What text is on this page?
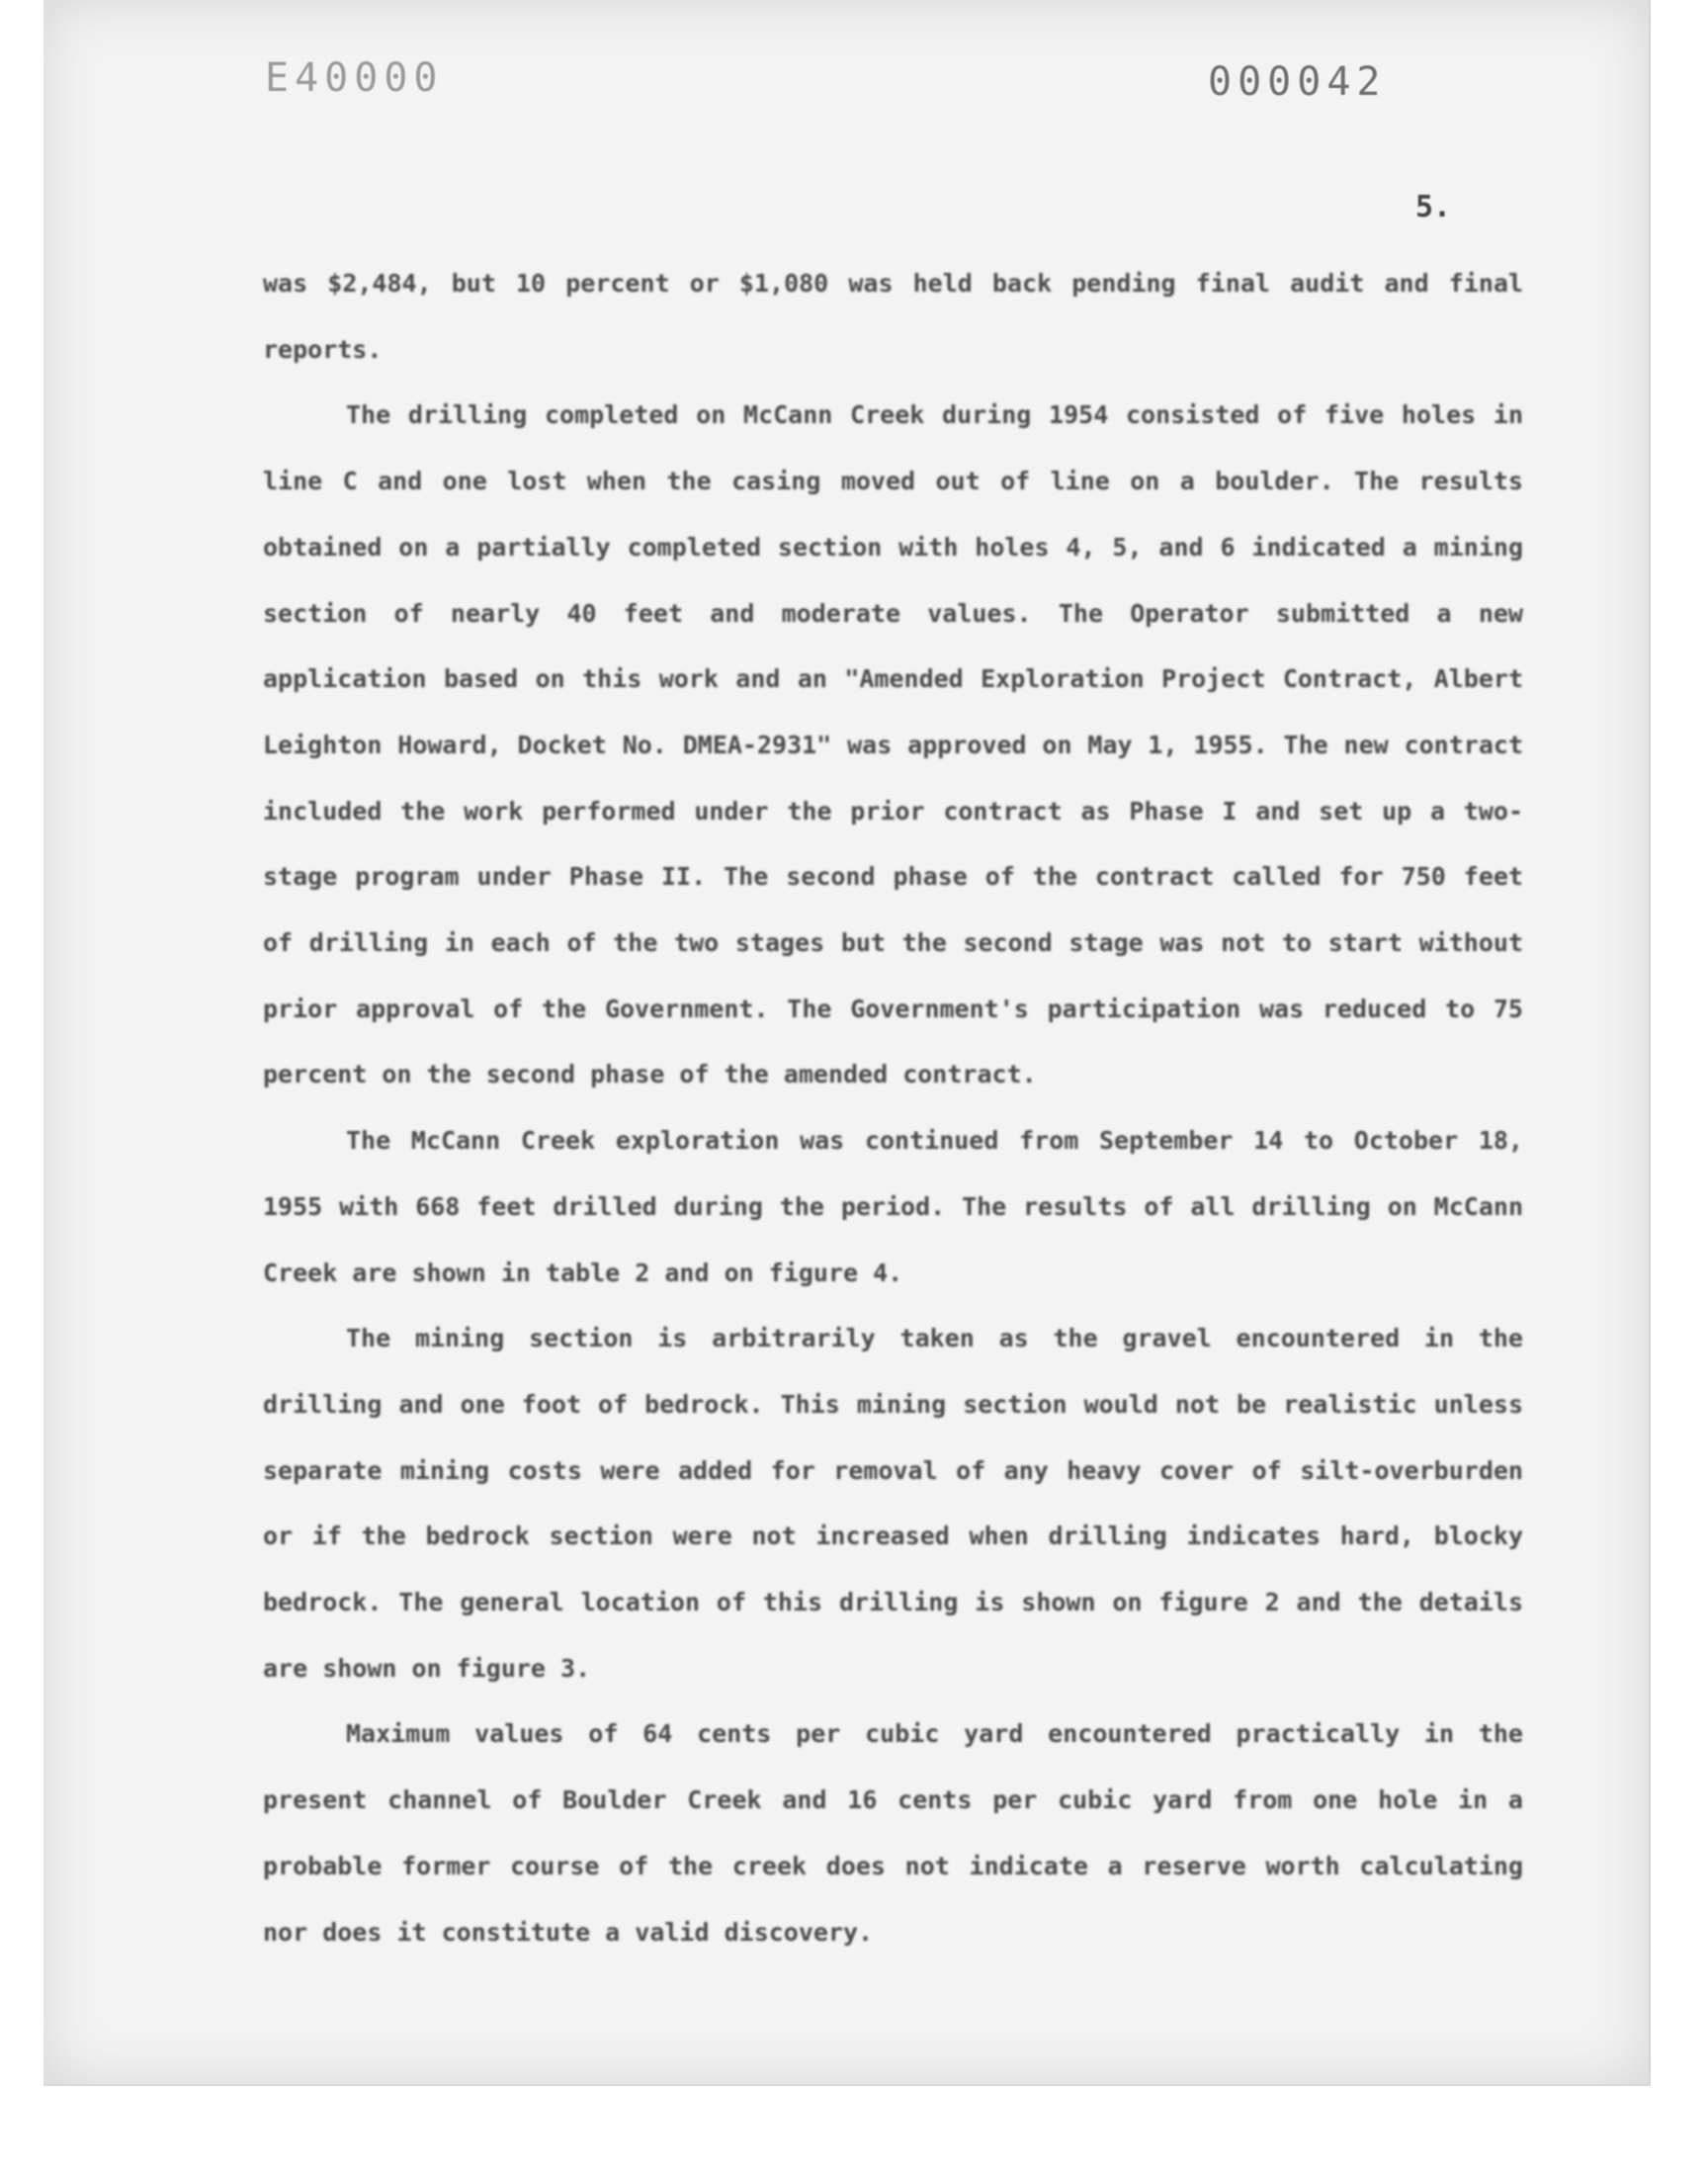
E40000	000042
5.

was $2,484, but 10 percent or $1,080 was held back pending final audit and final reports.

The drilling completed on McCann Creek during 1954 consisted of five holes in line C and one lost when the casing moved out of line on a boulder. The results obtained on a partially completed section with holes 4, 5, and 6 indicated a mining section of nearly 40 feet and moderate values. The Operator submitted a new application based on this work and an "Amended Exploration Project Contract, Albert Leighton Howard, Docket No. DMEA-2931" was approved on May 1, 1955. The new contract included the work performed under the prior contract as Phase I and set up a two-stage program under Phase II. The second phase of the contract called for 750 feet of drilling in each of the two stages but the second stage was not to start without prior approval of the Government. The Government's participation was reduced to 75 percent on the second phase of the amended contract.

The McCann Creek exploration was continued from September 14 to October 18, 1955 with 668 feet drilled during the period. The results of all drilling on McCann Creek are shown in table 2 and on figure 4.

The mining section is arbitrarily taken as the gravel encountered in the drilling and one foot of bedrock. This mining section would not be realistic unless separate mining costs were added for removal of any heavy cover of silt-overburden or if the bedrock section were not increased when drilling indicates hard, blocky bedrock. The general location of this drilling is shown on figure 2 and the details are shown on figure 3.

Maximum values of 64 cents per cubic yard encountered practically in the present channel of Boulder Creek and 16 cents per cubic yard from one hole in a probable former course of the creek does not indicate a reserve worth calculating nor does it constitute a valid discovery.
